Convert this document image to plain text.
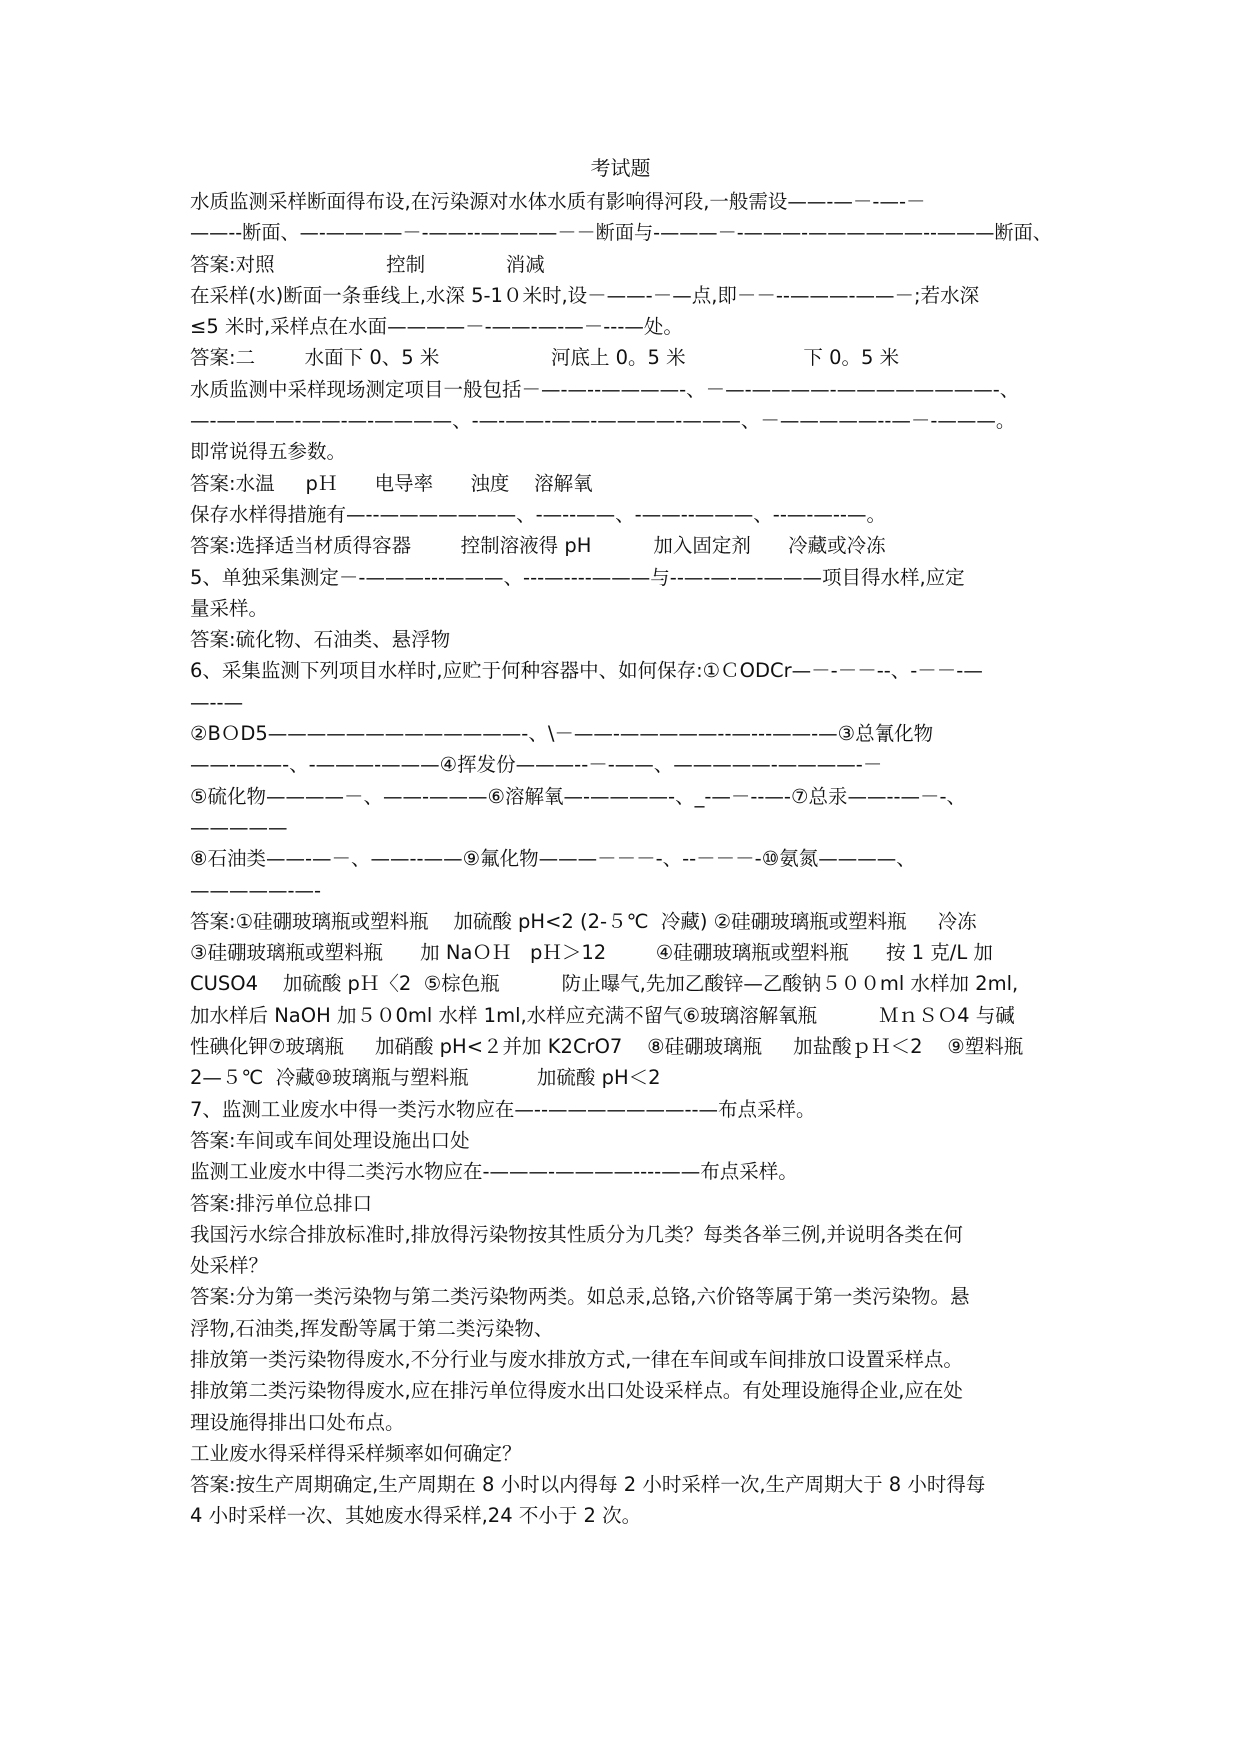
考试题
水质监测采样断面得布设,在污染源对水体水质有影响得河段,一般需设——-—－-—-－
——--断面、—-————－-——--————－－断面与-———－-———-——————--———断面、
答案:对照                  控制             消减
在采样(水)断面一条垂线上,水深 5-1０米时,设－——-－—点,即－－--———-——－;若水深
≤5 米时,采样点在水面————－-——-—-—－---—处。
答案:二        水面下 0、5 米                  河底上 0。5 米                   下 0。5 米
水质监测中采样现场测定项目一般包括－—-—--————-、－—-————-————————-、
—-————-——-—-————、-—-——-——-————-———、－—————--—－-———。
即常说得五参数。
答案:水温     pＨ      电导率      浊度    溶解氧
保存水样得措施有—--———————、-—--——、-——--———、--—-—--—。
答案:选择适当材质得容器        控制溶液得 pH          加入固定剂      冷藏或冷冻
5、单独采集测定－-———---———、---—----———与--—-—-—-———项目得水样,应定
量采样。
答案:硫化物、石油类、悬浮物
6、采集监测下列项目水样时,应贮于何种容器中、如何保存:①ＣODCr—－-－－--、-－－-—
—--—
②BＯD5—————————————-、\－——-—————--—---——-—③总氰化物
——-—-—-、-———-———④挥发份———--－-——、—————-————-－
⑤硫化物————－、——-———⑥溶解氧—-————-、_-—－--—-⑦总汞——--—－-、
—————
⑧石油类——-—－、——--——⑨氟化物———－－－-、--－－－-⑩氨氮————、
—————-—-
答案:①硅硼玻璃瓶或塑料瓶    加硫酸 pH<2 (2-５℃  冷藏) ②硅硼玻璃瓶或塑料瓶     冷冻
③硅硼玻璃瓶或塑料瓶      加 NaＯＨ   pＨ＞12        ④硅硼玻璃瓶或塑料瓶      按 1 克/L 加
CUSO4    加硫酸 pＨ〈2  ⑤棕色瓶          防止曝气,先加乙酸锌—乙酸钠５００ml 水样加 2ml,
加水样后 NaOH 加５０0ml 水样 1ml,水样应充满不留气⑥玻璃溶解氧瓶          ＭｎＳＯ4 与碱
性碘化钾⑦玻璃瓶     加硝酸 pH<２并加 K2CrO7    ⑧硅硼玻璃瓶     加盐酸ｐＨ＜2    ⑨塑料瓶
2—５℃  冷藏⑩玻璃瓶与塑料瓶           加硫酸 pH＜2
7、监测工业废水中得一类污水物应在—--———————--—布点采样。
答案:车间或车间处理设施出口处
监测工业废水中得二类污水物应在-———-————----——布点采样。
答案:排污单位总排口
我国污水综合排放标准时,排放得污染物按其性质分为几类？每类各举三例,并说明各类在何
处采样？
答案:分为第一类污染物与第二类污染物两类。如总汞,总铬,六价铬等属于第一类污染物。悬
浮物,石油类,挥发酚等属于第二类污染物、
排放第一类污染物得废水,不分行业与废水排放方式,一律在车间或车间排放口设置采样点。
排放第二类污染物得废水,应在排污单位得废水出口处设采样点。有处理设施得企业,应在处
理设施得排出口处布点。
工业废水得采样得采样频率如何确定？
答案:按生产周期确定,生产周期在 8 小时以内得每 2 小时采样一次,生产周期大于 8 小时得每
4 小时采样一次、其她废水得采样,24 不小于 2 次。
